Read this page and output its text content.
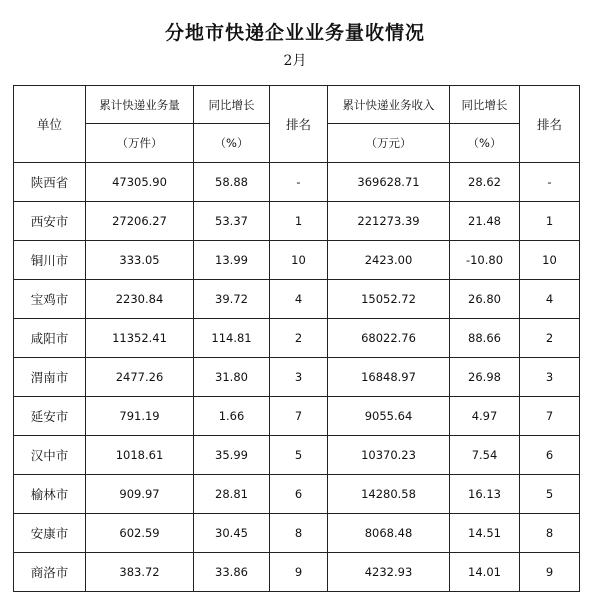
分地市快递企业业务量收情况
2月
单位	累计快递业务量	同比增长	排名	累计快递业务收入	同比增长	排名
	（万件）	（%）		（万元）	（%）	
陕西省	47305.90	58.88	-	369628.71	28.62	-
西安市	27206.27	53.37	1	221273.39	21.48	1
铜川市	333.05	13.99	10	2423.00	-10.80	10
宝鸡市	2230.84	39.72	4	15052.72	26.80	4
咸阳市	11352.41	114.81	2	68022.76	88.66	2
渭南市	2477.26	31.80	3	16848.97	26.98	3
延安市	791.19	1.66	7	9055.64	4.97	7
汉中市	1018.61	35.99	5	10370.23	7.54	6
榆林市	909.97	28.81	6	14280.58	16.13	5
安康市	602.59	30.45	8	8068.48	14.51	8
商洛市	383.72	33.86	9	4232.93	14.01	9
